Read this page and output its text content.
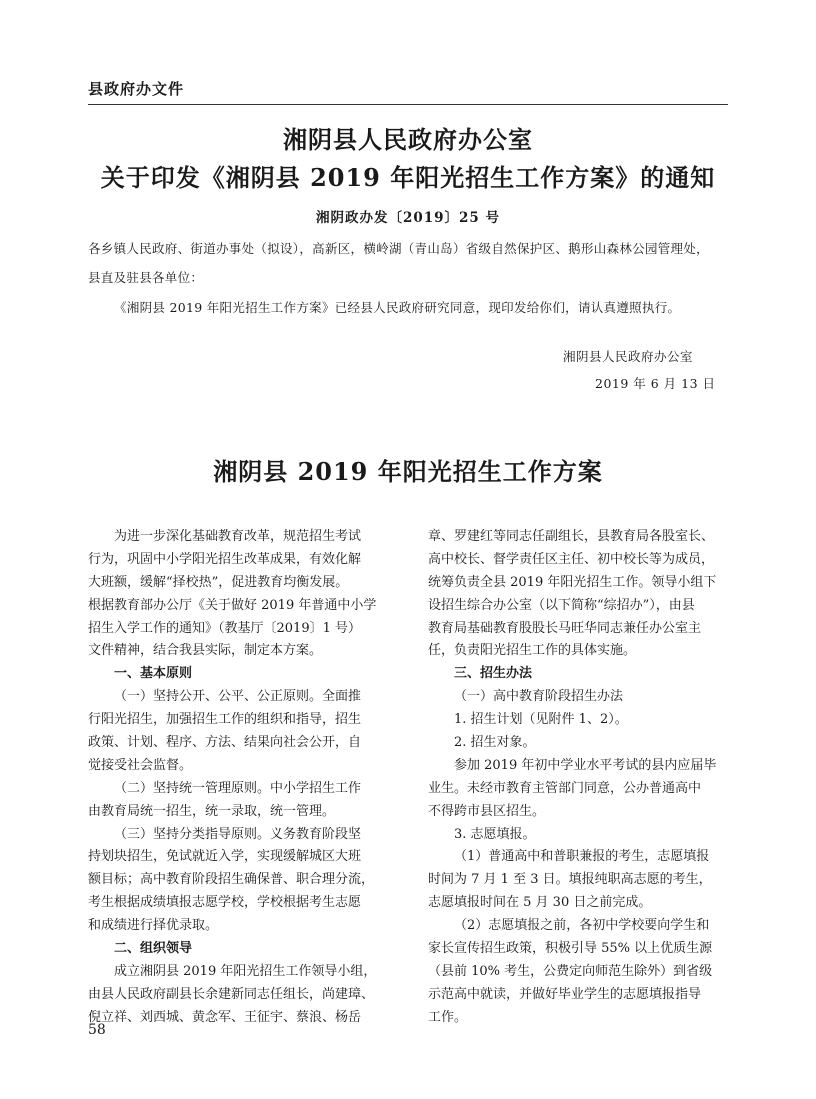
县政府办文件
湘阴县人民政府办公室
关于印发《湘阴县 2019 年阳光招生工作方案》的通知
湘阴政办发〔2019〕25 号
各乡镇人民政府、街道办事处（拟设），高新区，横岭湖（青山岛）省级自然保护区、鹅形山森林公园管理处，
县直及驻县各单位：
《湘阴县 2019 年阳光招生工作方案》已经县人民政府研究同意，现印发给你们，请认真遵照执行。
湘阴县人民政府办公室
2019 年 6 月 13 日
湘阴县 2019 年阳光招生工作方案
为进一步深化基础教育改革，规范招生考试
行为，巩固中小学阳光招生改革成果，有效化解
大班额，缓解“择校热”，促进教育均衡发展。
根据教育部办公厅《关于做好 2019 年普通中小学
招生入学工作的通知》（教基厅〔2019〕1 号）
文件精神，结合我县实际，制定本方案。
一、基本原则
（一）坚持公开、公平、公正原则。全面推
行阳光招生，加强招生工作的组织和指导，招生
政策、计划、程序、方法、结果向社会公开，自
觉接受社会监督。
（二）坚持统一管理原则。中小学招生工作
由教育局统一招生，统一录取，统一管理。
（三）坚持分类指导原则。义务教育阶段坚
持划块招生，免试就近入学，实现缓解城区大班
额目标；高中教育阶段招生确保普、职合理分流，
考生根据成绩填报志愿学校，学校根据考生志愿
和成绩进行择优录取。
二、组织领导
成立湘阴县 2019 年阳光招生工作领导小组，
由县人民政府副县长余建新同志任组长，尚建璋、
倪立祥、刘西城、黄念军、王征宇、蔡浪、杨岳
章、罗建红等同志任副组长，县教育局各股室长、
高中校长、督学责任区主任、初中校长等为成员，
统筹负责全县 2019 年阳光招生工作。领导小组下
设招生综合办公室（以下简称“综招办”），由县
教育局基础教育股股长马旺华同志兼任办公室主
任，负责阳光招生工作的具体实施。
三、招生办法
（一）高中教育阶段招生办法
1. 招生计划（见附件 1、2）。
2. 招生对象。
参加 2019 年初中学业水平考试的县内应届毕
业生。未经市教育主管部门同意，公办普通高中
不得跨市县区招生。
3. 志愿填报。
（1）普通高中和普职兼报的考生，志愿填报
时间为 7 月 1 至 3 日。填报纯职高志愿的考生，
志愿填报时间在 5 月 30 日之前完成。
（2）志愿填报之前，各初中学校要向学生和
家长宣传招生政策，积极引导 55% 以上优质生源
（县前 10% 考生，公费定向师范生除外）到省级
示范高中就读，并做好毕业学生的志愿填报指导
工作。
58
